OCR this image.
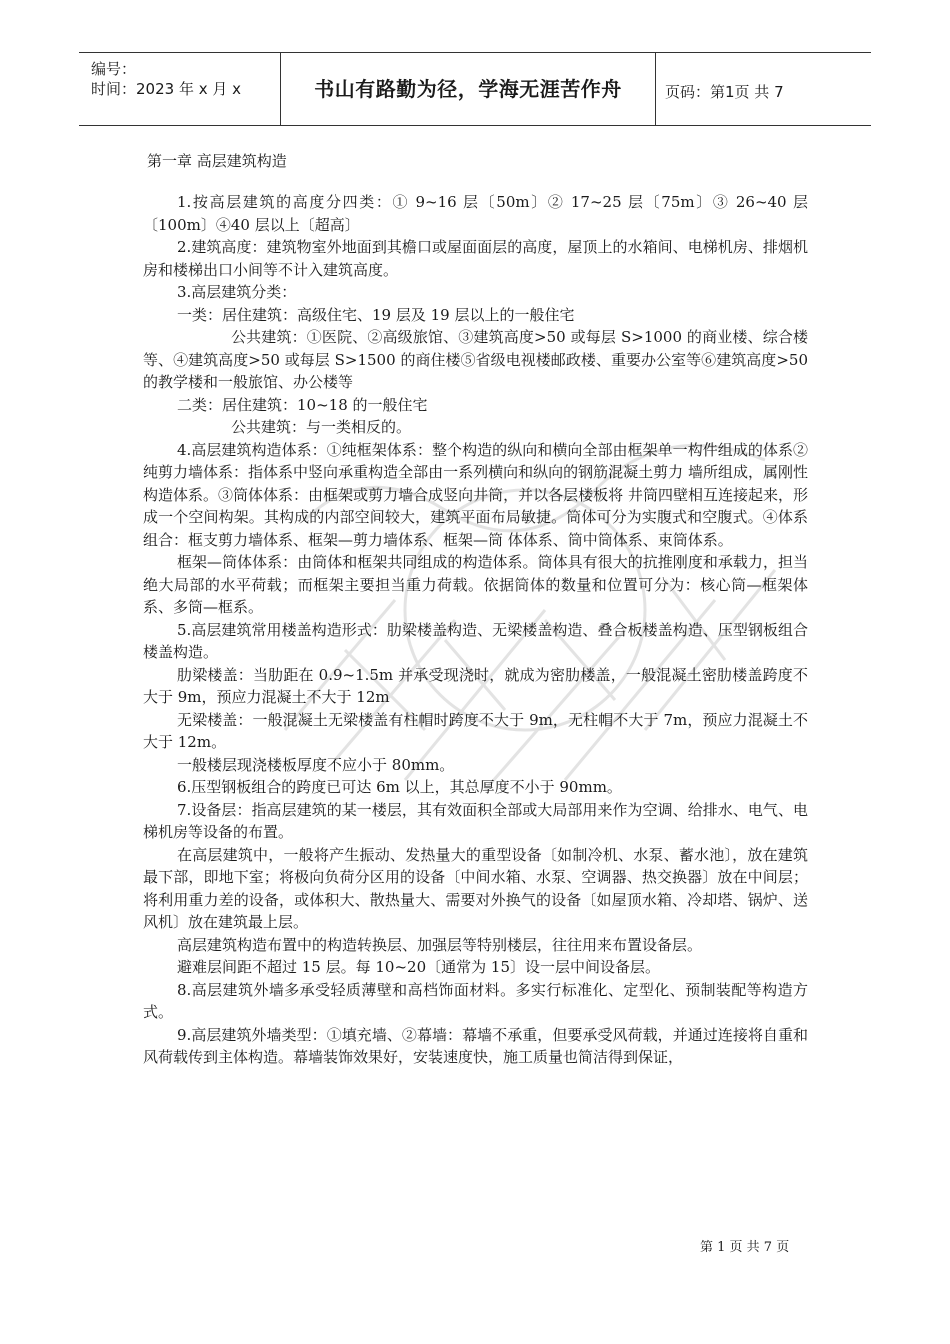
编号：
时间：2023 年 x 月 x	书山有路勤为径，学海无涯苦作舟	页码：第1页 共 7
第一章 高层建筑构造

1.按高层建筑的高度分四类：① 9~16 层〔50m〕② 17~25 层〔75m〕③ 26~40 层〔100m〕④40 层以上〔超高〕

2.建筑高度：建筑物室外地面到其檐口或屋面面层的高度，屋顶上的水箱间、电梯机房、排烟机房和楼梯出口小间等不计入建筑高度。

3.高层建筑分类：

一类：居住建筑：高级住宅、19 层及 19 层以上的一般住宅

公共建筑：①医院、②高级旅馆、③建筑高度>50 或每层 S>1000 的商业楼、综合楼等、④建筑高度>50 或每层 S>1500 的商住楼⑤省级电视楼邮政楼、重要办公室等⑥建筑高度>50 的教学楼和一般旅馆、办公楼等

二类：居住建筑：10~18 的一般住宅

公共建筑：与一类相反的。

4.高层建筑构造体系：①纯框架体系：整个构造的纵向和横向全部由框架单一构件组成的体系②纯剪力墙体系：指体系中竖向承重构造全部由一系列横向和纵向的钢筋混凝土剪力 墙所组成，属刚性构造体系。③筒体体系：由框架或剪力墙合成竖向井筒，并以各层楼板将 井筒四壁相互连接起来，形成一个空间构架。其构成的内部空间较大，建筑平面布局敏捷。筒体可分为实腹式和空腹式。④体系组合：框支剪力墙体系、框架—剪力墙体系、框架—筒 体体系、筒中筒体系、束筒体系。

框架—筒体体系：由筒体和框架共同组成的构造体系。筒体具有很大的抗推刚度和承载力，担当绝大局部的水平荷载；而框架主要担当重力荷载。依据筒体的数量和位置可分为：核心筒—框架体系、多筒—框系。

5.高层建筑常用楼盖构造形式：肋梁楼盖构造、无梁楼盖构造、叠合板楼盖构造、压型钢板组合楼盖构造。

肋梁楼盖：当肋距在 0.9~1.5m 并承受现浇时，就成为密肋楼盖，一般混凝土密肋楼盖跨度不大于 9m，预应力混凝土不大于 12m

无梁楼盖：一般混凝土无梁楼盖有柱帽时跨度不大于 9m，无柱帽不大于 7m，预应力混凝土不大于 12m。

一般楼层现浇楼板厚度不应小于 80mm。

6.压型钢板组合的跨度已可达 6m 以上，其总厚度不小于 90mm。

7.设备层：指高层建筑的某一楼层，其有效面积全部或大局部用来作为空调、给排水、电气、电梯机房等设备的布置。

在高层建筑中，一般将产生振动、发热量大的重型设备〔如制冷机、水泵、蓄水池〕，放在建筑最下部，即地下室；将极向负荷分区用的设备〔中间水箱、水泵、空调器、热交换器〕放在中间层；将利用重力差的设备，或体积大、散热量大、需要对外换气的设备〔如屋顶水箱、冷却塔、锅炉、送风机〕放在建筑最上层。

高层建筑构造布置中的构造转换层、加强层等特别楼层，往往用来布置设备层。

避难层间距不超过 15 层。每 10~20〔通常为 15〕设一层中间设备层。

8.高层建筑外墙多承受轻质薄壁和高档饰面材料。多实行标准化、定型化、预制装配等构造方式。

9.高层建筑外墙类型：①填充墙、②幕墙：幕墙不承重，但要承受风荷载，并通过连接将自重和风荷载传到主体构造。幕墙装饰效果好，安装速度快，施工质量也简洁得到保证，

第 1 页 共 7 页
